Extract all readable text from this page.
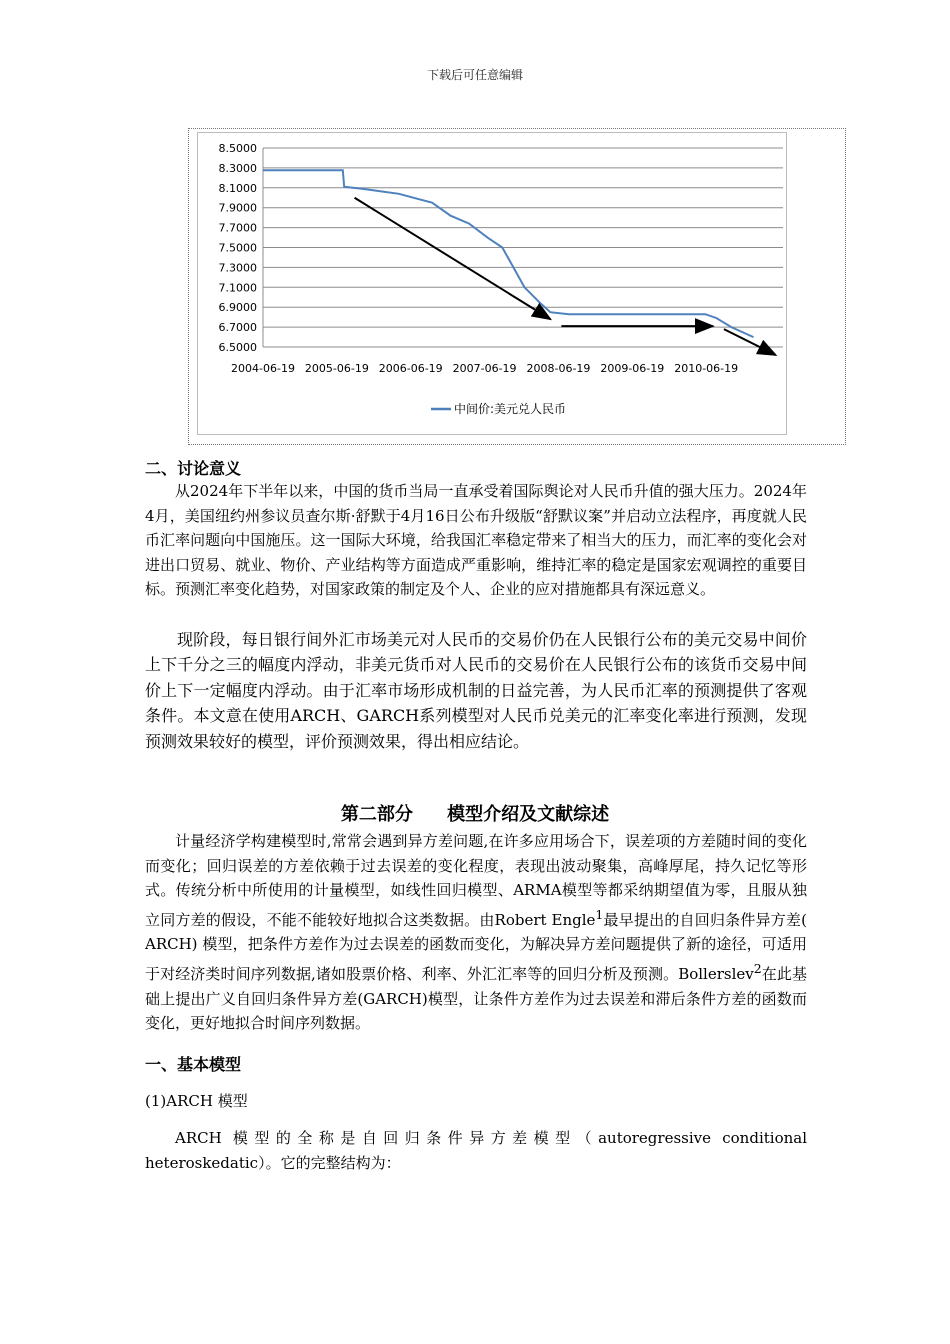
下载后可任意编辑
8.5000
8.3000
8.1000
7.9000
7.7000
7.5000
7.3000
7.1000
6.9000
6.7000
6.5000
2004-06-19 2005-06-19 2006-06-19 2007-06-19 2008-06-19 2009-06-19 2010-06-19
中间价:美元兑人民币
二、讨论意义

从2024年下半年以来，中国的货币当局一直承受着国际舆论对人民币升值的强大压力。2024年4月，美国纽约州参议员查尔斯·舒默于4月16日公布升级版“舒默议案”并启动立法程序，再度就人民币汇率问题向中国施压。这一国际大环境，给我国汇率稳定带来了相当大的压力，而汇率的变化会对进出口贸易、就业、物价、产业结构等方面造成严重影响，维持汇率的稳定是国家宏观调控的重要目标。预测汇率变化趋势，对国家政策的制定及个人、企业的应对措施都具有深远意义。

现阶段，每日银行间外汇市场美元对人民币的交易价仍在人民银行公布的美元交易中间价上下千分之三的幅度内浮动，非美元货币对人民币的交易价在人民银行公布的该货币交易中间价上下一定幅度内浮动。由于汇率市场形成机制的日益完善，为人民币汇率的预测提供了客观条件。本文意在使用ARCH、GARCH系列模型对人民币兑美元的汇率变化率进行预测，发现预测效果较好的模型，评价预测效果，得出相应结论。

第二部分 模型介绍及文献综述

计量经济学构建模型时,常常会遇到异方差问题,在许多应用场合下，误差项的方差随时间的变化而变化；回归误差的方差依赖于过去误差的变化程度，表现出波动聚集，高峰厚尾，持久记忆等形式。传统分析中所使用的计量模型，如线性回归模型、ARMA模型等都采纳期望值为零，且服从独立同方差的假设，不能不能较好地拟合这类数据。由Robert Engle$^1$最早提出的自回归条件异方差( ARCH) 模型，把条件方差作为过去误差的函数而变化，为解决异方差问题提供了新的途径，可适用于对经济类时间序列数据,诸如股票价格、利率、外汇汇率等的回归分析及预测。Bollerslev$^2$在此基础上提出广义自回归条件异方差(GARCH)模型，让条件方差作为过去误差和滞后条件方差的函数而变化，更好地拟合时间序列数据。

一、基本模型
(1)ARCH 模型

ARCH 模型的全称是自回归条件异方差模型（autoregressive conditional heteroskedatic）。它的完整结构为：
